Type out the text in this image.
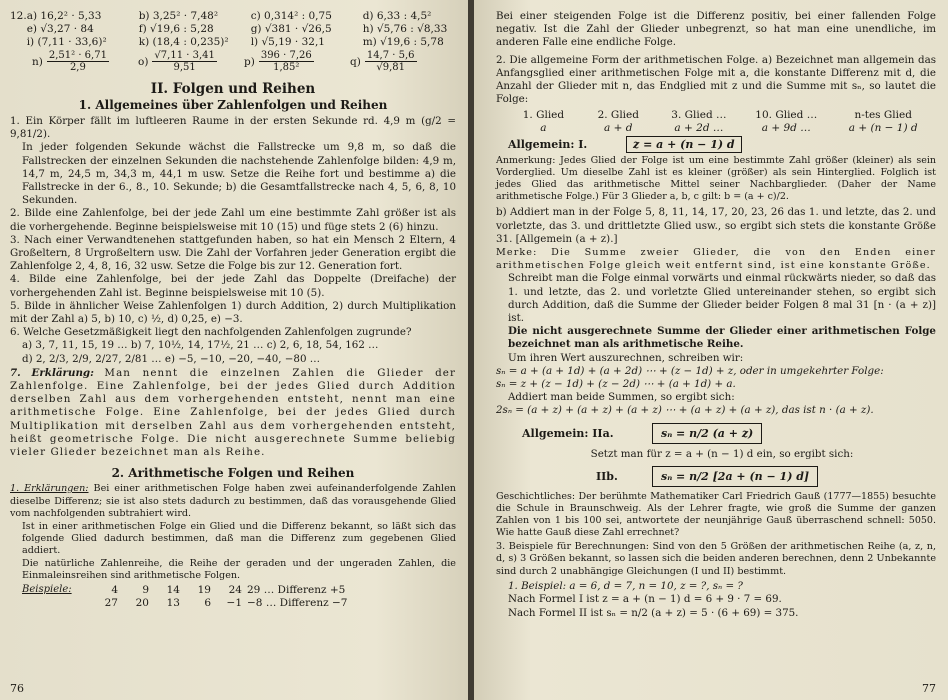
12. a) 16,2² · 5,33	b) 3,25² · 7,48²	c) 0,314² : 0,75	d) 6,33 : 4,5²
e) √3,27 · 84	f) √19,6 : 5,28	g) √381 · √26,5	h) √5,76 : √8,33
i) (7,11 · 33,6)²	k) (18,4 : 0,235)²	l) √5,19 · 32,1	m) √19,6 : 5,78
$n) \frac{\text{2,51² · 6,71}}{2,9}$	$o) \frac{√7,11 \cdot 3,41}{9,51}$	$p) \frac{396 \cdot 7,26}{\text{1,85²}}$	$q) \frac{14,7 \cdot 5,6}{√9,81}$
II. Folgen und Reihen
1. Allgemeines über Zahlenfolgen und Reihen
1. Ein Körper fällt im luftleeren Raume in der ersten Sekunde rd. 4,9 m (g/2 = 9,81/2).
In jeder folgenden Sekunde wächst die Fallstrecke um 9,8 m, so daß die Fallstrecken der einzelnen Sekunden die nachstehende Zahlenfolge bilden: 4,9 m, 14,7 m, 24,5 m, 34,3 m, 44,1 m usw. Setze die Reihe fort und bestimme a) die Fallstrecke in der 6., 8., 10. Sekunde; b) die Gesamtfallstrecke nach 4, 5, 6, 8, 10 Sekunden.
2. Bilde eine Zahlenfolge, bei der jede Zahl um eine bestimmte Zahl größer ist als die vorhergehende. Beginne beispielsweise mit 10 (15) und füge stets 2 (6) hinzu.
3. Nach einer Verwandtenehen stattgefunden haben, so hat ein Mensch 2 Eltern, 4 Großeltern, 8 Urgroßeltern usw. Die Zahl der Vorfahren jeder Generation ergibt die Zahlenfolge 2, 4, 8, 16, 32 usw. Setze die Folge bis zur 12. Generation fort.
4. Bilde eine Zahlenfolge, bei der jede Zahl das Doppelte (Dreifache) der vorhergehenden Zahl ist. Beginne beispielsweise mit 10 (5).
5. Bilde in ähnlicher Weise Zahlenfolgen 1) durch Addition, 2) durch Multiplikation mit der Zahl a) 5, b) 10, c) ½, d) 0,25, e) −3.
6. Welche Gesetzmäßigkeit liegt den nachfolgenden Zahlenfolgen zugrunde?
a) 3, 7, 11, 15, 19 … b) 7, 10½, 14, 17½, 21 … c) 2, 6, 18, 54, 162 …
d) 2, 2/3, 2/9, 2/27, 2/81 … e) −5, −10, −20, −40, −80 …
7. Erklärung: Man nennt die einzelnen Zahlen die Glieder der Zahlenfolge. Eine Zahlenfolge, bei der jedes Glied durch Addition derselben Zahl aus dem vorhergehenden entsteht, nennt man eine arithmetische Folge. Eine Zahlenfolge, bei der jedes Glied durch Multiplikation mit derselben Zahl aus dem vorhergehenden entsteht, heißt geometrische Folge. Die nicht ausgerechnete Summe beliebig vieler Glieder bezeichnet man als Reihe.
2. Arithmetische Folgen und Reihen
1. Erklärungen: Bei einer arithmetischen Folge haben zwei aufeinanderfolgende Zahlen dieselbe Differenz; sie ist also stets dadurch zu bestimmen, daß das vorausgehende Glied vom nachfolgenden subtrahiert wird.
Ist in einer arithmetischen Folge ein Glied und die Differenz bekannt, so läßt sich das folgende Glied dadurch bestimmen, daß man die Differenz zum gegebenen Glied addiert.
Die natürliche Zahlenreihe, die Reihe der geraden und der ungeraden Zahlen, die Einmaleinsreihen sind arithmetische Folgen.
Beispiele:	4	9	14	19	24	29 … Differenz +5
27	20	13	6	−1	−8 … Differenz −7
76
Bei einer steigenden Folge ist die Differenz positiv, bei einer fallenden Folge negativ. Ist die Zahl der Glieder unbegrenzt, so hat man eine unendliche, im anderen Falle eine endliche Folge.
2. Die allgemeine Form der arithmetischen Folge. a) Bezeichnet man allgemein das Anfangsglied einer arithmetischen Folge mit a, die konstante Differenz mit d, die Anzahl der Glieder mit n, das Endglied mit z und die Summe mit sₙ, so lautet die Folge:
1. Glied	2. Glied	3. Glied …	10. Glied …	n-tes Glied
a	a + d	a + 2d …	a + 9d …	a + (n − 1) d
Allgemein: I.	z = a + (n − 1) d
Anmerkung: Jedes Glied der Folge ist um eine bestimmte Zahl größer (kleiner) als sein Vorderglied. Um dieselbe Zahl ist es kleiner (größer) als sein Hinterglied. Folglich ist jedes Glied das arithmetische Mittel seiner Nachbarglieder. (Daher der Name arithmetische Folge.) Für 3 Glieder a, b, c gilt: b = (a + c)/2.
b) Addiert man in der Folge 5, 8, 11, 14, 17, 20, 23, 26 das 1. und letzte, das 2. und vorletzte, das 3. und drittletzte Glied usw., so ergibt sich stets die konstante Größe 31. [Allgemein (a + z).]
Merke: Die Summe zweier Glieder, die von den Enden einer arithmetischen Folge gleich weit entfernt sind, ist eine konstante Größe.
Schreibt man die Folge einmal vorwärts und einmal rückwärts nieder, so daß das 1. und letzte, das 2. und vorletzte Glied untereinander stehen, so ergibt sich durch Addition, daß die Summe der Glieder beider Folgen 8 mal 31 [n · (a + z)] ist.
Die nicht ausgerechnete Summe der Glieder einer arithmetischen Folge bezeichnet man als arithmetische Reihe.
Um ihren Wert auszurechnen, schreiben wir:
sₙ = a + (a + 1d) + (a + 2d) ⋯ + (z − 1d) + z, oder in umgekehrter Folge:
sₙ = z + (z − 1d) + (z − 2d) ⋯ + (a + 1d) + a.
Addiert man beide Summen, so ergibt sich:
2sₙ = (a + z) + (a + z) + (a + z) ⋯ + (a + z) + (a + z), das ist n · (a + z).
Allgemein: IIa.	sₙ = n/2 (a + z)
Setzt man für z = a + (n − 1) d ein, so ergibt sich:
IIb.	sₙ = n/2 [2a + (n − 1) d]
Geschichtliches: Der berühmte Mathematiker Carl Friedrich Gauß (1777—1855) besuchte die Schule in Braunschweig. Als der Lehrer fragte, wie groß die Summe der ganzen Zahlen von 1 bis 100 sei, antwortete der neunjährige Gauß überraschend schnell: 5050. Wie hatte Gauß diese Zahl errechnet?
3. Beispiele für Berechnungen: Sind von den 5 Größen der arithmetischen Reihe (a, z, n, d, s) 3 Größen bekannt, so lassen sich die beiden anderen berechnen, denn 2 Unbekannte sind durch 2 unabhängige Gleichungen (I und II) bestimmt.
1. Beispiel: a = 6, d = 7, n = 10, z = ?, sₙ = ?
Nach Formel I ist z = a + (n − 1) d = 6 + 9 · 7 = 69.
Nach Formel II ist sₙ = n/2 (a + z) = 5 · (6 + 69) = 375.
77
